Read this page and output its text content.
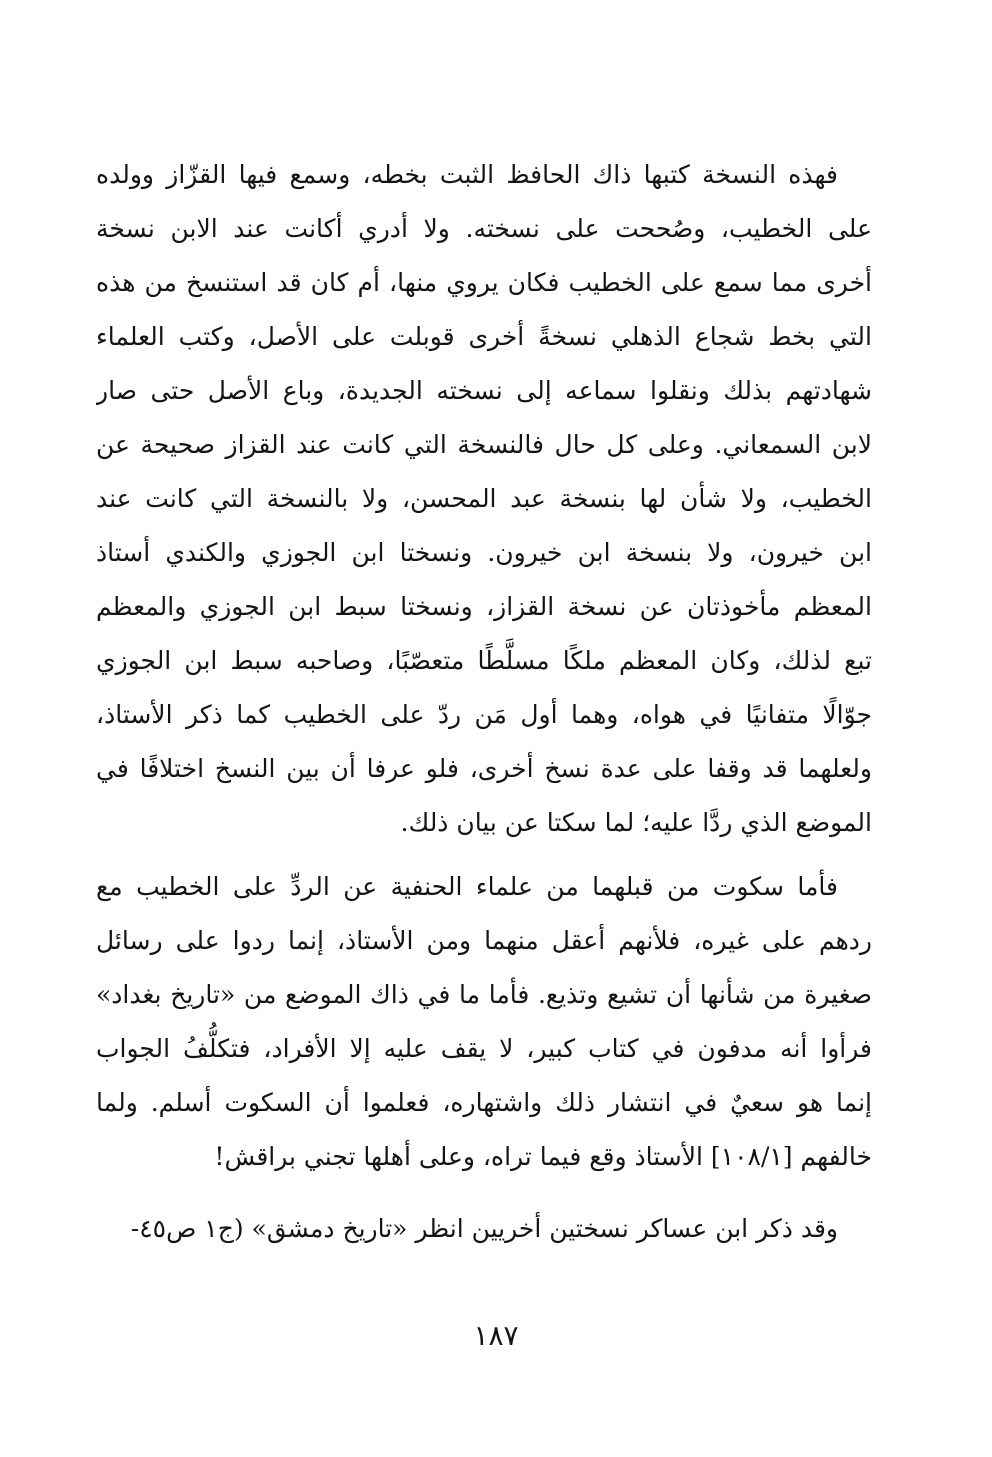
فهذه النسخة كتبها ذاك الحافظ الثبت بخطه، وسمع فيها القزّاز وولده
على الخطيب، وصُححت على نسخته. ولا أدري أكانت عند الابن نسخة
أخرى مما سمع على الخطيب فكان يروي منها، أم كان قد استنسخ من هذه
التي بخط شجاع الذهلي نسخةً أخرى قوبلت على الأصل، وكتب العلماء
شهادتهم بذلك ونقلوا سماعه إلى نسخته الجديدة، وباع الأصل حتى صار
لابن السمعاني. وعلى كل حال فالنسخة التي كانت عند القزاز صحيحة عن
الخطيب، ولا شأن لها بنسخة عبد المحسن، ولا بالنسخة التي كانت عند
ابن خيرون، ولا بنسخة ابن خيرون. ونسختا ابن الجوزي والكندي أستاذ
المعظم مأخوذتان عن نسخة القزاز، ونسختا سبط ابن الجوزي والمعظم
تبع لذلك، وكان المعظم ملكًا مسلَّطًا متعصّبًا، وصاحبه سبط ابن الجوزي
جوّالًا متفانيًا في هواه، وهما أول مَن ردّ على الخطيب كما ذكر الأستاذ،
ولعلهما قد وقفا على عدة نسخ أخرى، فلو عرفا أن بين النسخ اختلافًا في
الموضع الذي ردَّا عليه؛ لما سكتا عن بيان ذلك.
فأما سكوت من قبلهما من علماء الحنفية عن الردِّ على الخطيب مع
ردهم على غيره، فلأنهم أعقل منهما ومن الأستاذ، إنما ردوا على رسائل
صغيرة من شأنها أن تشيع وتذيع. فأما ما في ذاك الموضع من «تاريخ بغداد»
فرأوا أنه مدفون في كتاب كبير، لا يقف عليه إلا الأفراد، فتكلُّفُ الجواب
إنما هو سعيٌ في انتشار ذلك واشتهاره، فعلموا أن السكوت أسلم. ولما
خالفهم [١٠٨/١] الأستاذ وقع فيما تراه، وعلى أهلها تجني براقش!
وقد ذكر ابن عساكر نسختين أخريين انظر «تاريخ دمشق» (ج١ ص٤٥-
١٨٧
